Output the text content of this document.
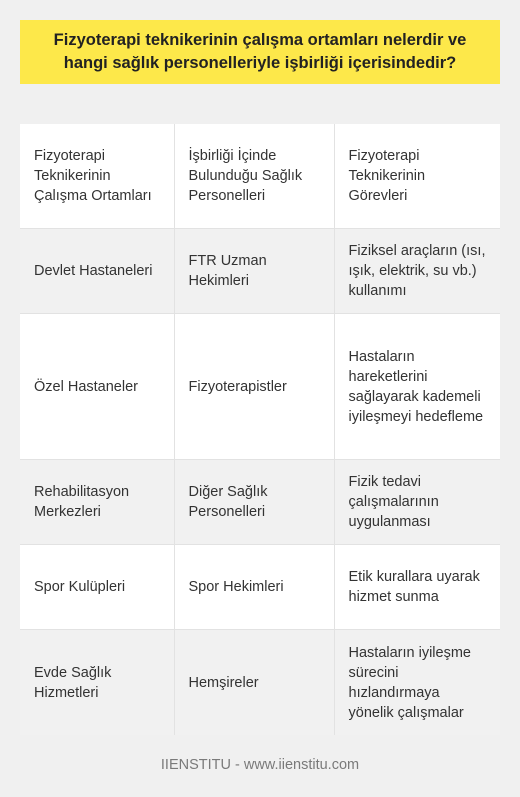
Fizyoterapi teknikerinin çalışma ortamları nelerdir ve hangi sağlık personelleriyle işbirliği içerisindedir?
Fizyoterapi Teknikerinin Çalışma Ortamları	İşbirliği İçinde Bulunduğu Sağlık Personelleri	Fizyoterapi Teknikerinin Görevleri
Devlet Hastaneleri	FTR Uzman Hekimleri	Fiziksel araçların (ısı, ışık, elektrik, su vb.) kullanımı
Özel Hastaneler	Fizyoterapistler	Hastaların hareketlerini sağlayarak kademeli iyileşmeyi hedefleme
Rehabilitasyon Merkezleri	Diğer Sağlık Personelleri	Fizik tedavi çalışmalarının uygulanması
Spor Kulüpleri	Spor Hekimleri	Etik kurallara uyarak hizmet sunma
Evde Sağlık Hizmetleri	Hemşireler	Hastaların iyileşme sürecini hızlandırmaya yönelik çalışmalar
IIENSTITU - www.iienstitu.com
